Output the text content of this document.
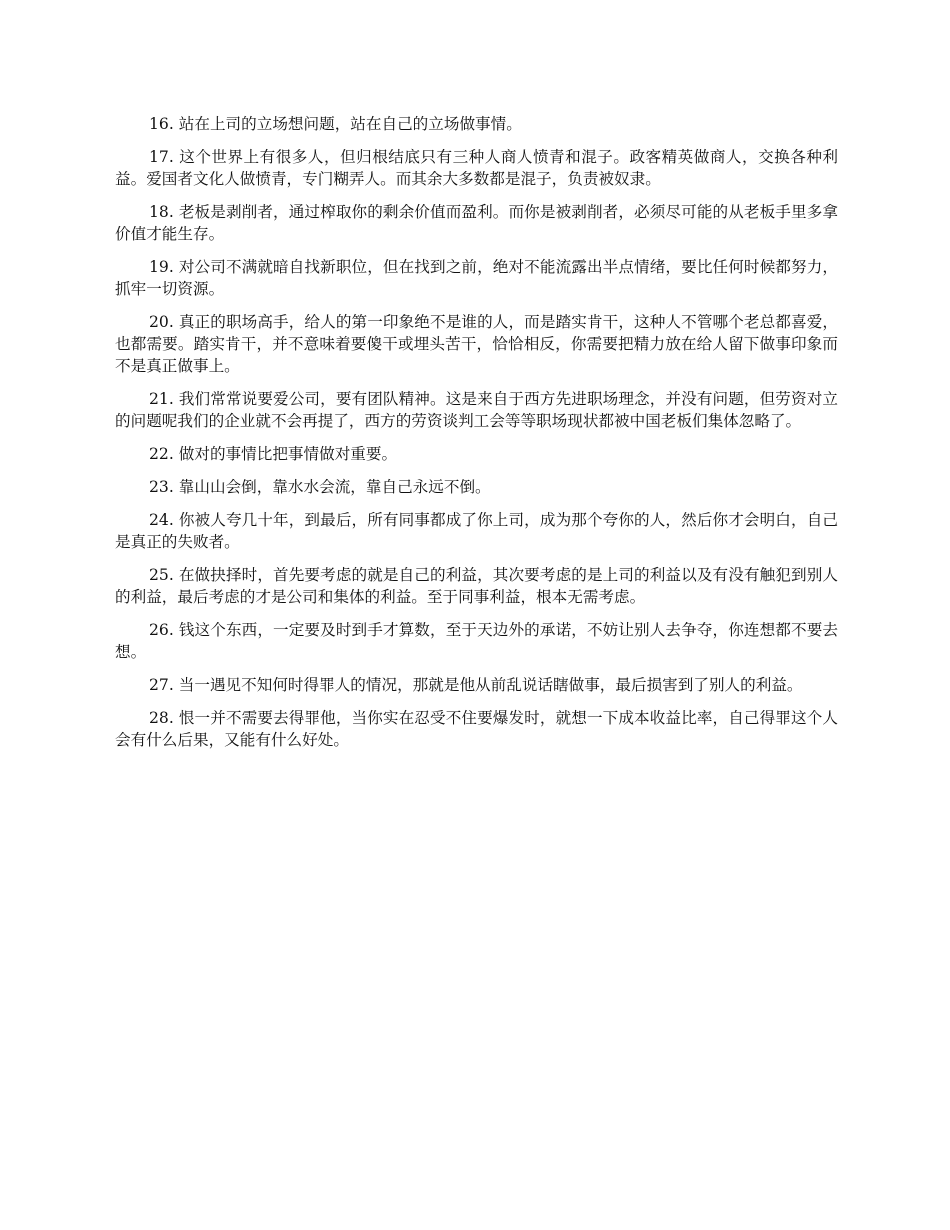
16. 站在上司的立场想问题，站在自己的立场做事情。

17. 这个世界上有很多人，但归根结底只有三种人商人愤青和混子。政客精英做商人，交换各种利益。爱国者文化人做愤青，专门糊弄人。而其余大多数都是混子，负责被奴隶。

18. 老板是剥削者，通过榨取你的剩余价值而盈利。而你是被剥削者，必须尽可能的从老板手里多拿价值才能生存。

19. 对公司不满就暗自找新职位，但在找到之前，绝对不能流露出半点情绪，要比任何时候都努力，抓牢一切资源。

20. 真正的职场高手，给人的第一印象绝不是谁的人，而是踏实肯干，这种人不管哪个老总都喜爱，也都需要。踏实肯干，并不意味着要傻干或埋头苦干，恰恰相反，你需要把精力放在给人留下做事印象而不是真正做事上。

21. 我们常常说要爱公司，要有团队精神。这是来自于西方先进职场理念，并没有问题，但劳资对立的问题呢我们的企业就不会再提了，西方的劳资谈判工会等等职场现状都被中国老板们集体忽略了。

22. 做对的事情比把事情做对重要。

23. 靠山山会倒，靠水水会流，靠自己永远不倒。

24. 你被人夸几十年，到最后，所有同事都成了你上司，成为那个夸你的人，然后你才会明白，自己是真正的失败者。

25. 在做抉择时，首先要考虑的就是自己的利益，其次要考虑的是上司的利益以及有没有触犯到别人的利益，最后考虑的才是公司和集体的利益。至于同事利益，根本无需考虑。

26. 钱这个东西，一定要及时到手才算数，至于天边外的承诺，不妨让别人去争夺，你连想都不要去想。

27. 当一遇见不知何时得罪人的情况，那就是他从前乱说话瞎做事，最后损害到了别人的利益。

28. 恨一并不需要去得罪他，当你实在忍受不住要爆发时，就想一下成本收益比率，自己得罪这个人会有什么后果，又能有什么好处。
